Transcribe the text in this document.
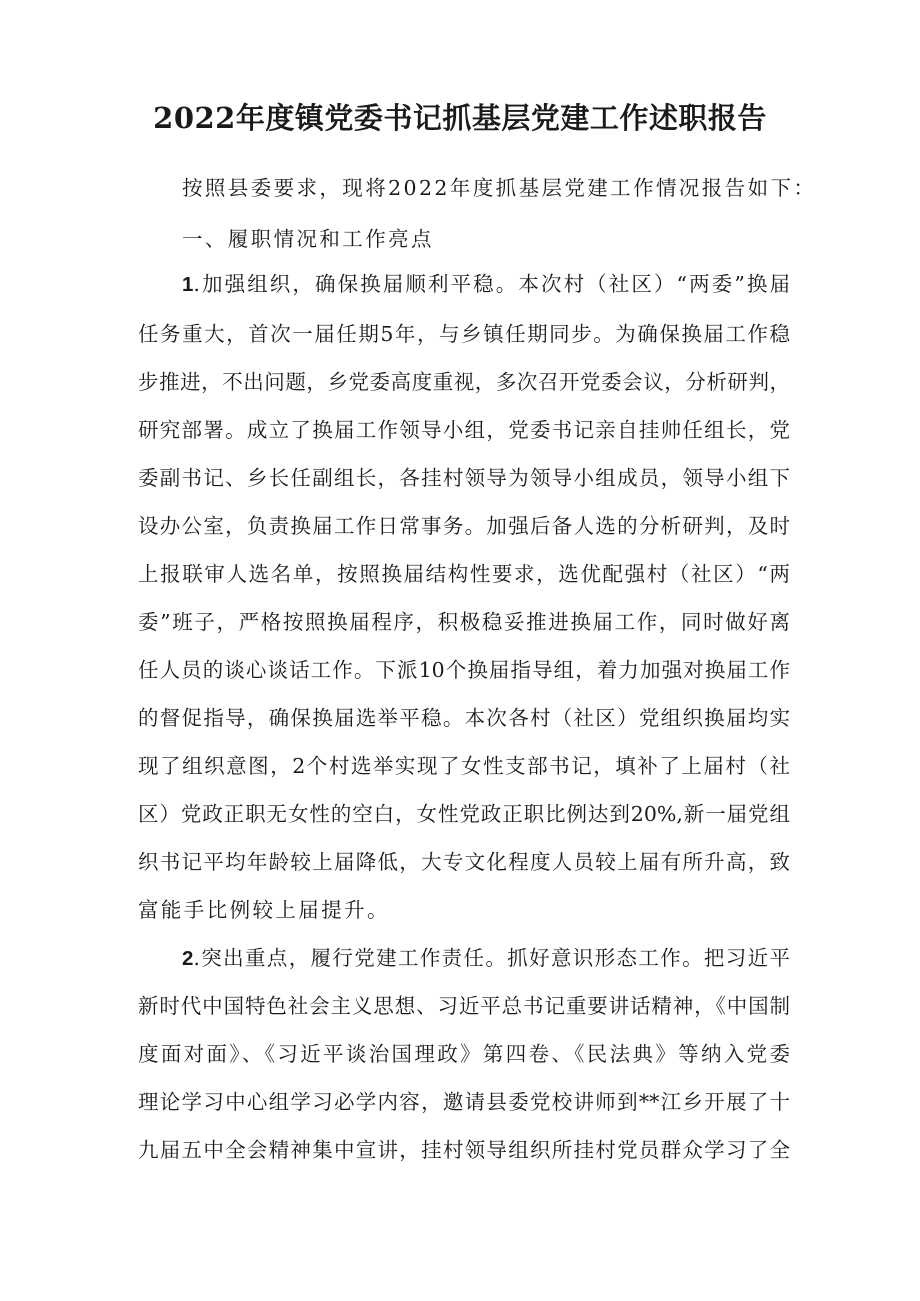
2022年度镇党委书记抓基层党建工作述职报告

按照县委要求，现将2022年度抓基层党建工作情况报告如下：

一、履职情况和工作亮点

1.加强组织，确保换届顺利平稳。本次村（社区）“两委”换届

任务重大，首次一届任期5年，与乡镇任期同步。为确保换届工作稳

步推进，不出问题，乡党委高度重视，多次召开党委会议，分析研判，

研究部署。成立了换届工作领导小组，党委书记亲自挂帅任组长，党

委副书记、乡长任副组长，各挂村领导为领导小组成员，领导小组下

设办公室，负责换届工作日常事务。加强后备人选的分析研判，及时

上报联审人选名单，按照换届结构性要求，选优配强村（社区）“两

委”班子，严格按照换届程序，积极稳妥推进换届工作，同时做好离

任人员的谈心谈话工作。下派10个换届指导组，着力加强对换届工作

的督促指导，确保换届选举平稳。本次各村（社区）党组织换届均实

现了组织意图，2个村选举实现了女性支部书记，填补了上届村（社

区）党政正职无女性的空白，女性党政正职比例达到20%,新一届党组

织书记平均年龄较上届降低，大专文化程度人员较上届有所升高，致

富能手比例较上届提升。

2.突出重点，履行党建工作责任。抓好意识形态工作。把习近平

新时代中国特色社会主义思想、习近平总书记重要讲话精神，《中国制

度面对面》、《习近平谈治国理政》第四卷、《民法典》等纳入党委

理论学习中心组学习必学内容，邀请县委党校讲师到**江乡开展了十

九届五中全会精神集中宣讲，挂村领导组织所挂村党员群众学习了全
